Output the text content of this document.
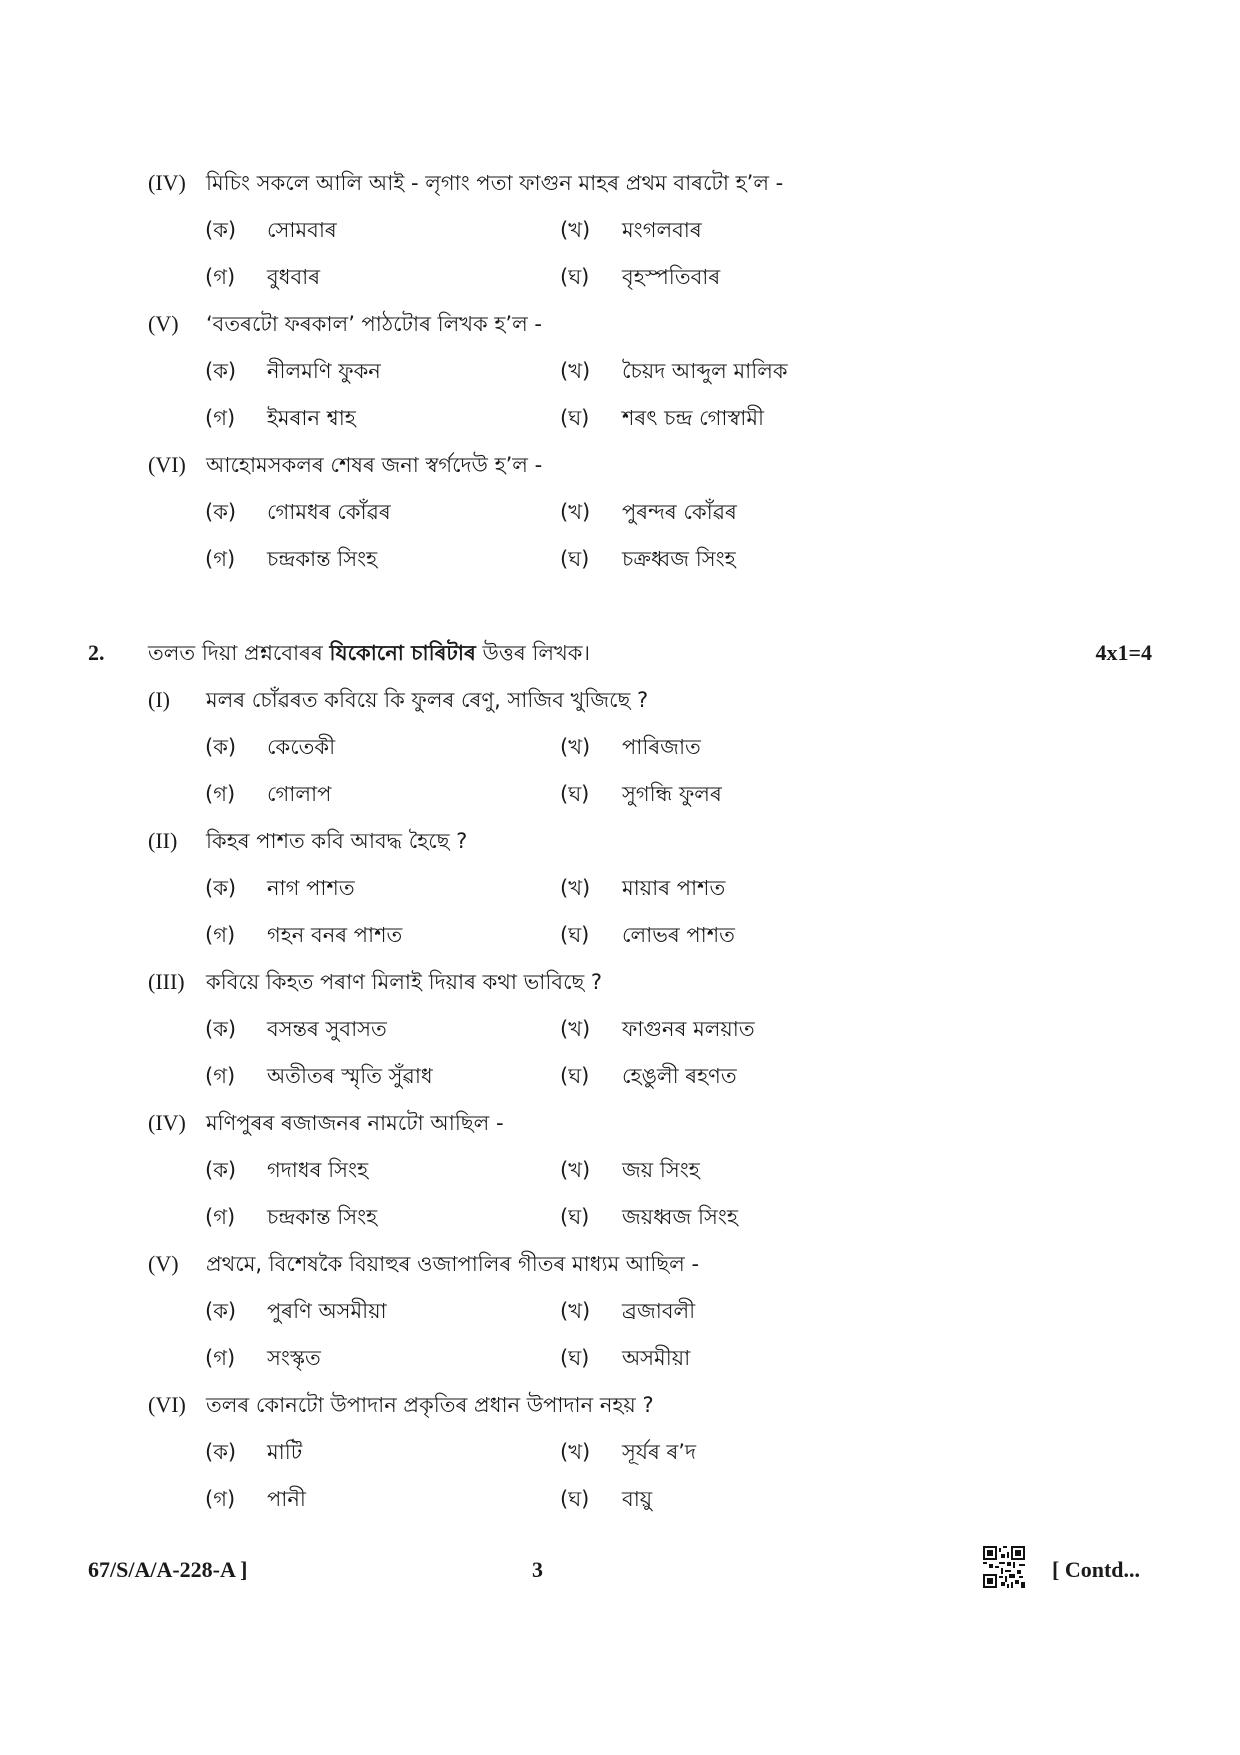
(IV) মিচিং সকলে আলি আই - লৃগাং পতা ফাগুন মাহৰ প্ৰথম বাৰটো হ’ল -
(ক) সোমবাৰ	(খ) মংগলবাৰ
(গ) বুধবাৰ	(ঘ) বৃহস্পতিবাৰ
(V) ‘বতৰটো ফৰকাল’ পাঠটোৰ লিখক হ’ল -
(ক) নীলমণি ফুকন	(খ) চৈয়দ আব্দুল মালিক
(গ) ইমৰান শ্বাহ	(ঘ) শৰৎ চন্দ্ৰ গোস্বামী
(VI) আহোমসকলৰ শেষৰ জনা স্বৰ্গদেউ হ’ল -
(ক) গোমধৰ কোঁৱৰ	(খ) পুৰন্দৰ কোঁৱৰ
(গ) চন্দ্ৰকান্ত সিংহ	(ঘ) চক্ৰধ্বজ সিংহ
2. তলত দিয়া প্ৰশ্নবোৰৰ যিকোনো চাৰিটাৰ উত্তৰ লিখক।	4x1=4
(I) মলৰ চোঁৱৰত কবিয়ে কি ফুলৰ ৰেণু, সাজিব খুজিছে ?
(ক) কেতেকী	(খ) পাৰিজাত
(গ) গোলাপ	(ঘ) সুগন্ধি ফুলৰ
(II) কিহৰ পাশত কবি আবদ্ধ হৈছে ?
(ক) নাগ পাশত	(খ) মায়াৰ পাশত
(গ) গহন বনৰ পাশত	(ঘ) লোভৰ পাশত
(III) কবিয়ে কিহত পৰাণ মিলাই দিয়াৰ কথা ভাবিছে ?
(ক) বসন্তৰ সুবাসত	(খ) ফাগুনৰ মলয়াত
(গ) অতীতৰ স্মৃতি সুঁৱাধ	(ঘ) হেঙুলী ৰহণত
(IV) মণিপুৰৰ ৰজাজনৰ নামটো আছিল -
(ক) গদাধৰ সিংহ	(খ) জয় সিংহ
(গ) চন্দ্ৰকান্ত সিংহ	(ঘ) জয়ধ্বজ সিংহ
(V) প্ৰথমে, বিশেষকৈ বিয়াহুৰ ওজাপালিৰ গীতৰ মাধ্যম আছিল -
(ক) পুৰণি অসমীয়া	(খ) ব্ৰজাবলী
(গ) সংস্কৃত	(ঘ) অসমীয়া
(VI) তলৰ কোনটো উপাদান প্ৰকৃতিৰ প্ৰধান উপাদান নহয় ?
(ক) মাটি	(খ) সূৰ্যৰ ৰ’দ
(গ) পানী	(ঘ) বায়ু
67/S/A/A-228-A ]	3	[ Contd...
